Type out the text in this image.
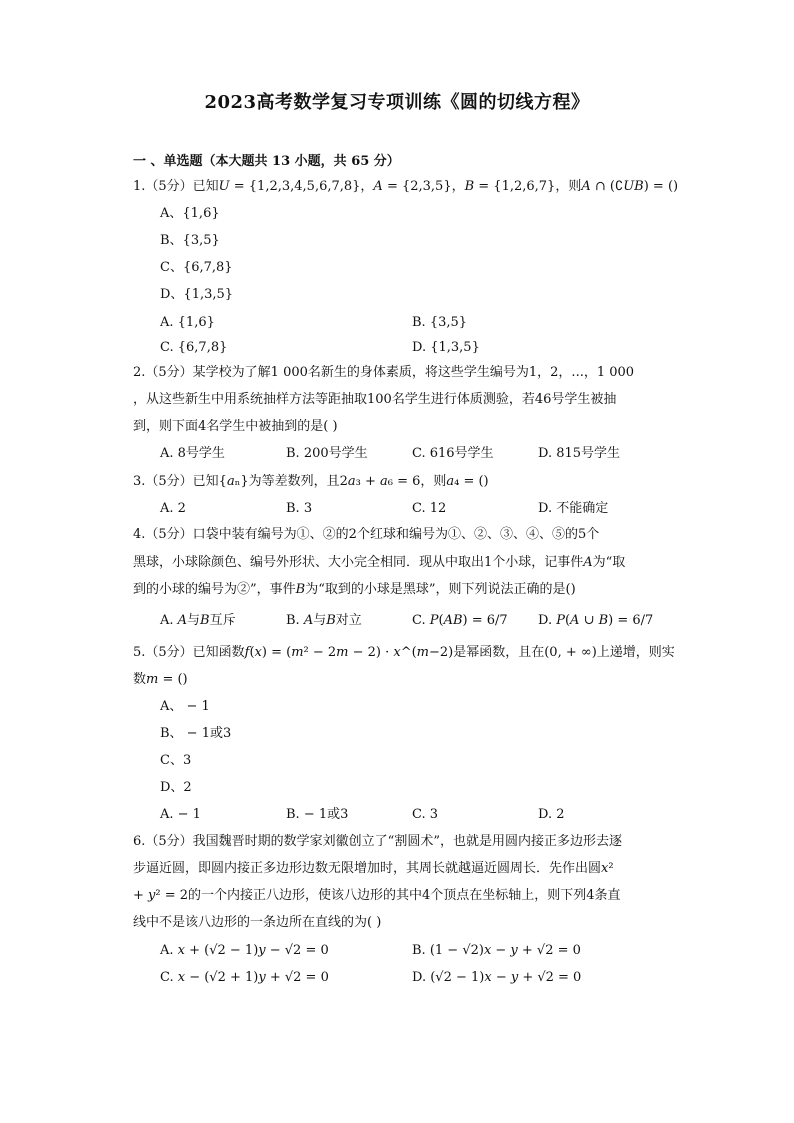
2023高考数学复习专项训练《圆的切线方程》
一 、单选题（本大题共 13 小题，共 65 分）
1.（5分）已知𝑈 = {1,2,3,4,5,6,7,8}，𝐴 = {2,3,5}，𝐵 = {1,2,6,7}，则𝐴 ∩ (∁𝑈𝐵) = ()
A、{1,6}
B、{3,5}
C、{6,7,8}
D、{1,3,5}
A. {1,6}	B. {3,5}
C. {6,7,8}	D. {1,3,5}
2.（5分）某学校为了解1 000名新生的身体素质，将这些学生编号为1，2，...，1 000
，从这些新生中用系统抽样方法等距抽取100名学生进行体质测验，若46号学生被抽
到，则下面4名学生中被抽到的是( )
A. 8号学生	B. 200号学生	C. 616号学生	D. 815号学生
3.（5分）已知{𝑎ₙ}为等差数列，且2𝑎₃ + 𝑎₆ = 6，则𝑎₄ = ()
A. 2	B. 3	C. 12	D. 不能确定
4.（5分）口袋中装有编号为①、②的2个红球和编号为①、②、③、④、⑤的5个
黑球，小球除颜色、编号外形状、大小完全相同．现从中取出1个小球，记事件𝐴为“取
到的小球的编号为②”，事件𝐵为“取到的小球是黑球”，则下列说法正确的是()
A. 𝐴与𝐵互斥	B. 𝐴与𝐵对立	C. 𝑃(𝐴𝐵) = 6/7 D. 𝑃(𝐴 ∪ 𝐵) = 6/7
5.（5分）已知函数𝑓(𝑥) = (𝑚² − 2𝑚 − 2) · 𝑥^(𝑚−2)是幂函数，且在(0, + ∞)上递增，则实
数𝑚 = ()
A、 − 1
B、 − 1或3
C、3
D、2
A. − 1	B. − 1或3	C. 3	D. 2
6.（5分）我国魏晋时期的数学家刘徽创立了“割圆术”，也就是用圆内接正多边形去逐
步逼近圆，即圆内接正多边形边数无限增加时，其周长就越逼近圆周长．先作出圆𝑥²
+ 𝑦² = 2的一个内接正八边形，使该八边形的其中4个顶点在坐标轴上，则下列4条直
线中不是该八边形的一条边所在直线的为( )
A. 𝑥 + (√2 − 1)𝑦 − √2 = 0	B. (1 − √2)𝑥 − 𝑦 + √2 = 0
C. 𝑥 − (√2 + 1)𝑦 + √2 = 0	D. (√2 − 1)𝑥 − 𝑦 + √2 = 0
